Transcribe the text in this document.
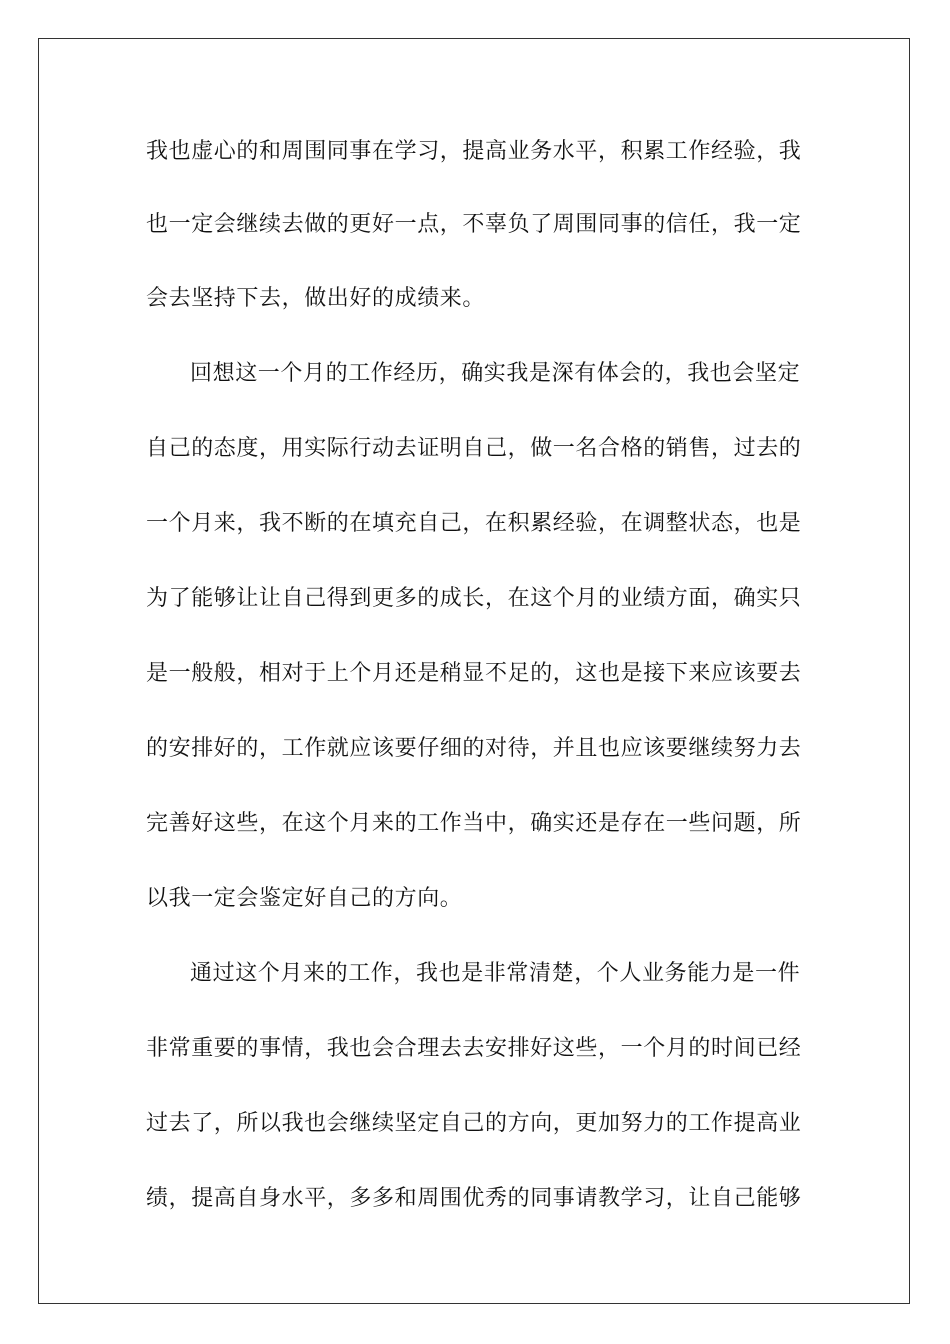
我也虚心的和周围同事在学习，提高业务水平，积累工作经验，我
也一定会继续去做的更好一点，不辜负了周围同事的信任，我一定
会去坚持下去，做出好的成绩来。
回想这一个月的工作经历，确实我是深有体会的，我也会坚定
自己的态度，用实际行动去证明自己，做一名合格的销售，过去的
一个月来，我不断的在填充自己，在积累经验，在调整状态，也是
为了能够让让自己得到更多的成长，在这个月的业绩方面，确实只
是一般般，相对于上个月还是稍显不足的，这也是接下来应该要去
的安排好的，工作就应该要仔细的对待，并且也应该要继续努力去
完善好这些，在这个月来的工作当中，确实还是存在一些问题，所
以我一定会鉴定好自己的方向。
通过这个月来的工作，我也是非常清楚，个人业务能力是一件
非常重要的事情，我也会合理去去安排好这些，一个月的时间已经
过去了，所以我也会继续坚定自己的方向，更加努力的工作提高业
绩，提高自身水平，多多和周围优秀的同事请教学习，让自己能够
